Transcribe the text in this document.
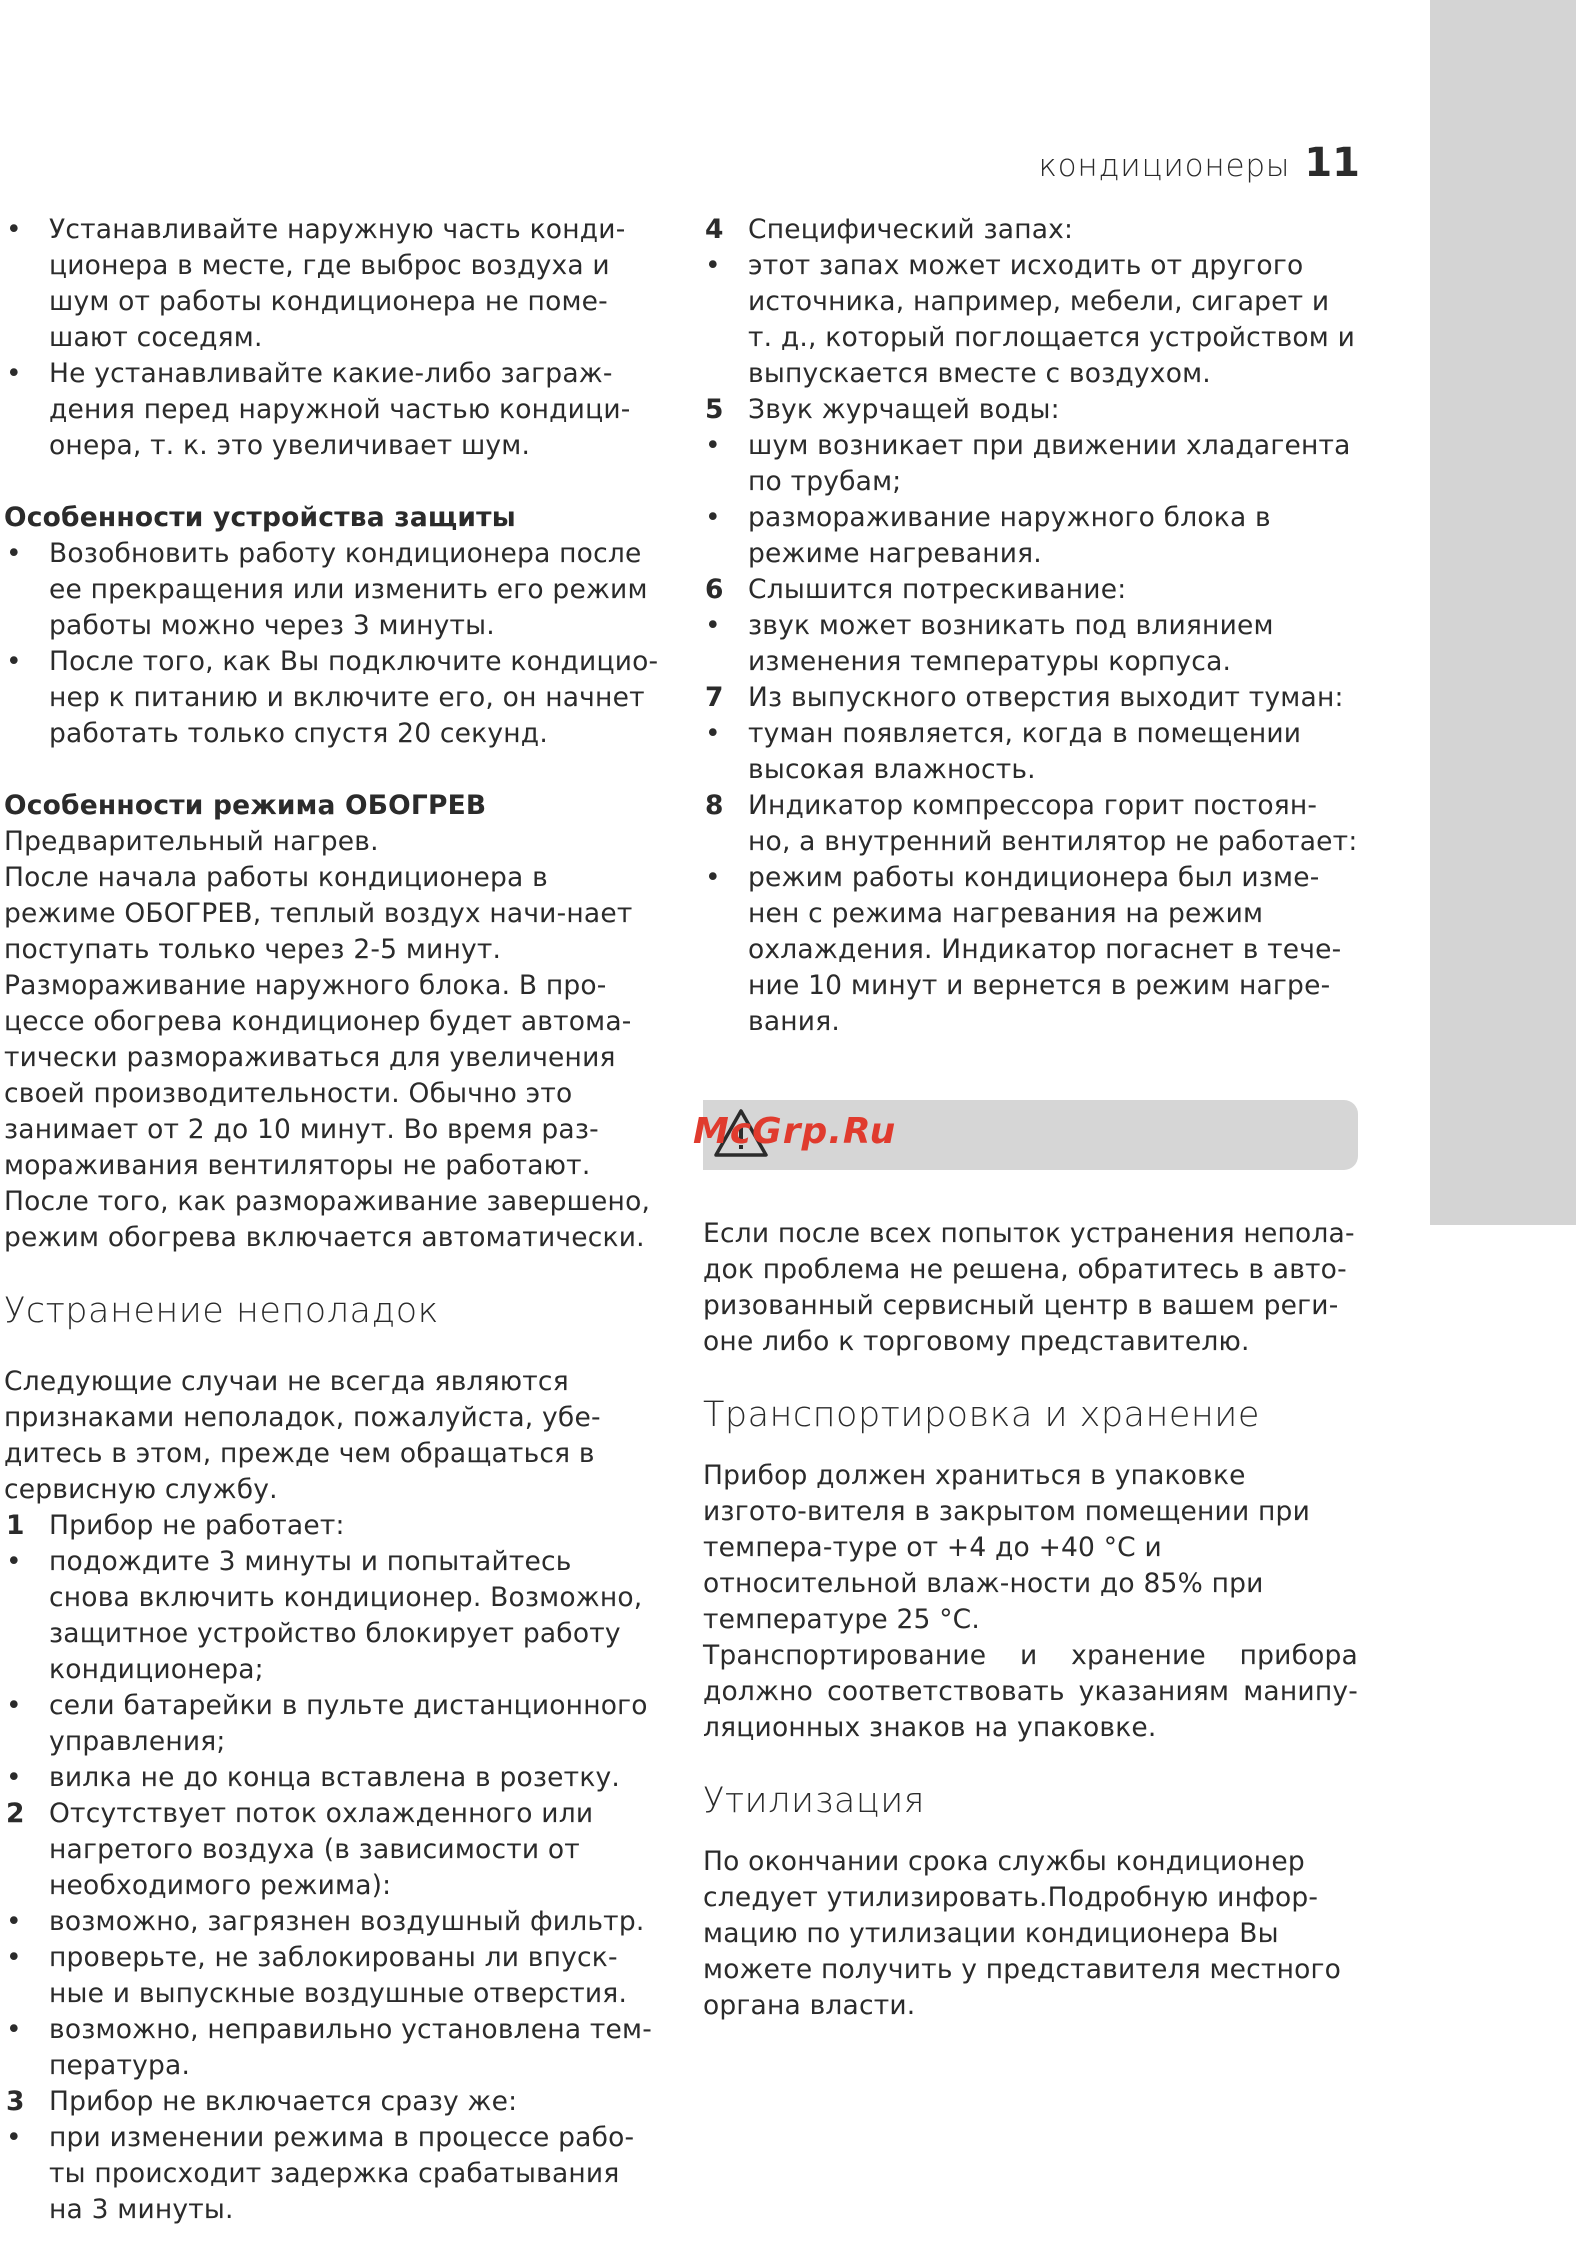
кондиционеры 11
• Устанавливайте наружную часть конди-ционера в месте, где выброс воздуха и шум от работы кондиционера не поме-шают соседям.
• Не устанавливайте какие-либо заграж-дения перед наружной частью кондици-онера, т. к. это увеличивает шум.
Особенности устройства защиты
• Возобновить работу кондиционера после ее прекращения или изменить его режим работы можно через 3 минуты.
• После того, как Вы подключите кондицио-нер к питанию и включите его, он начнет работать только спустя 20 секунд.
Особенности режима ОБОГРЕВ
Предварительный нагрев.
После начала работы кондиционера в режиме ОБОГРЕВ, теплый воздух начи-нает поступать только через 2-5 минут.
Размораживание наружного блока. В про-цессе обогрева кондиционер будет автома-тически размораживаться для увеличения своей производительности. Обычно это занимает от 2 до 10 минут. Во время раз-мораживания вентиляторы не работают. После того, как размораживание завершено, режим обогрева включается автоматически.
Устранение неполадок
Следующие случаи не всегда являются признаками неполадок, пожалуйста, убе-дитесь в этом, прежде чем обращаться в сервисную службу.
1 Прибор не работает:
• подождите 3 минуты и попытайтесь снова включить кондиционер. Возможно, защитное устройство блокирует работу кондиционера;
• сели батарейки в пульте дистанционного управления;
• вилка не до конца вставлена в розетку.
2 Отсутствует поток охлажденного или нагретого воздуха (в зависимости от необходимого режима):
• возможно, загрязнен воздушный фильтр.
• проверьте, не заблокированы ли впуск-ные и выпускные воздушные отверстия.
• возможно, неправильно установлена тем-пература.
3 Прибор не включается сразу же:
• при изменении режима в процессе рабо-ты происходит задержка срабатывания на 3 минуты.
4 Специфический запах:
• этот запах может исходить от другого источника, например, мебели, сигарет и т. д., который поглощается устройством и выпускается вместе с воздухом.
5 Звук журчащей воды:
• шум возникает при движении хладагента по трубам;
• размораживание наружного блока в режиме нагревания.
6 Слышится потрескивание:
• звук может возникать под влиянием изменения температуры корпуса.
7 Из выпускного отверстия выходит туман:
• туман появляется, когда в помещении высокая влажность.
8 Индикатор компрессора горит постоян-но, а внутренний вентилятор не работает:
• режим работы кондиционера был изме-нен с режима нагревания на режим охлаждения. Индикатор погаснет в тече-ние 10 минут и вернется в режим нагре-вания.
McGrp.Ru
Если после всех попыток устранения непола-док проблема не решена, обратитесь в авто-ризованный сервисный центр в вашем реги-оне либо к торговому представителю.
Транспортировка и хранение
Прибор должен храниться в упаковке изгото-вителя в закрытом помещении при темпера-туре от +4 до +40 °С и относительной влаж-ности до 85% при температуре 25 °С.
Транспортирование и хранение прибора должно соответствовать указаниям манипу-ляционных знаков на упаковке.
Утилизация
По окончании срока службы кондиционер следует утилизировать.Подробную инфор-мацию по утилизации кондиционера Вы можете получить у представителя местного органа власти.
